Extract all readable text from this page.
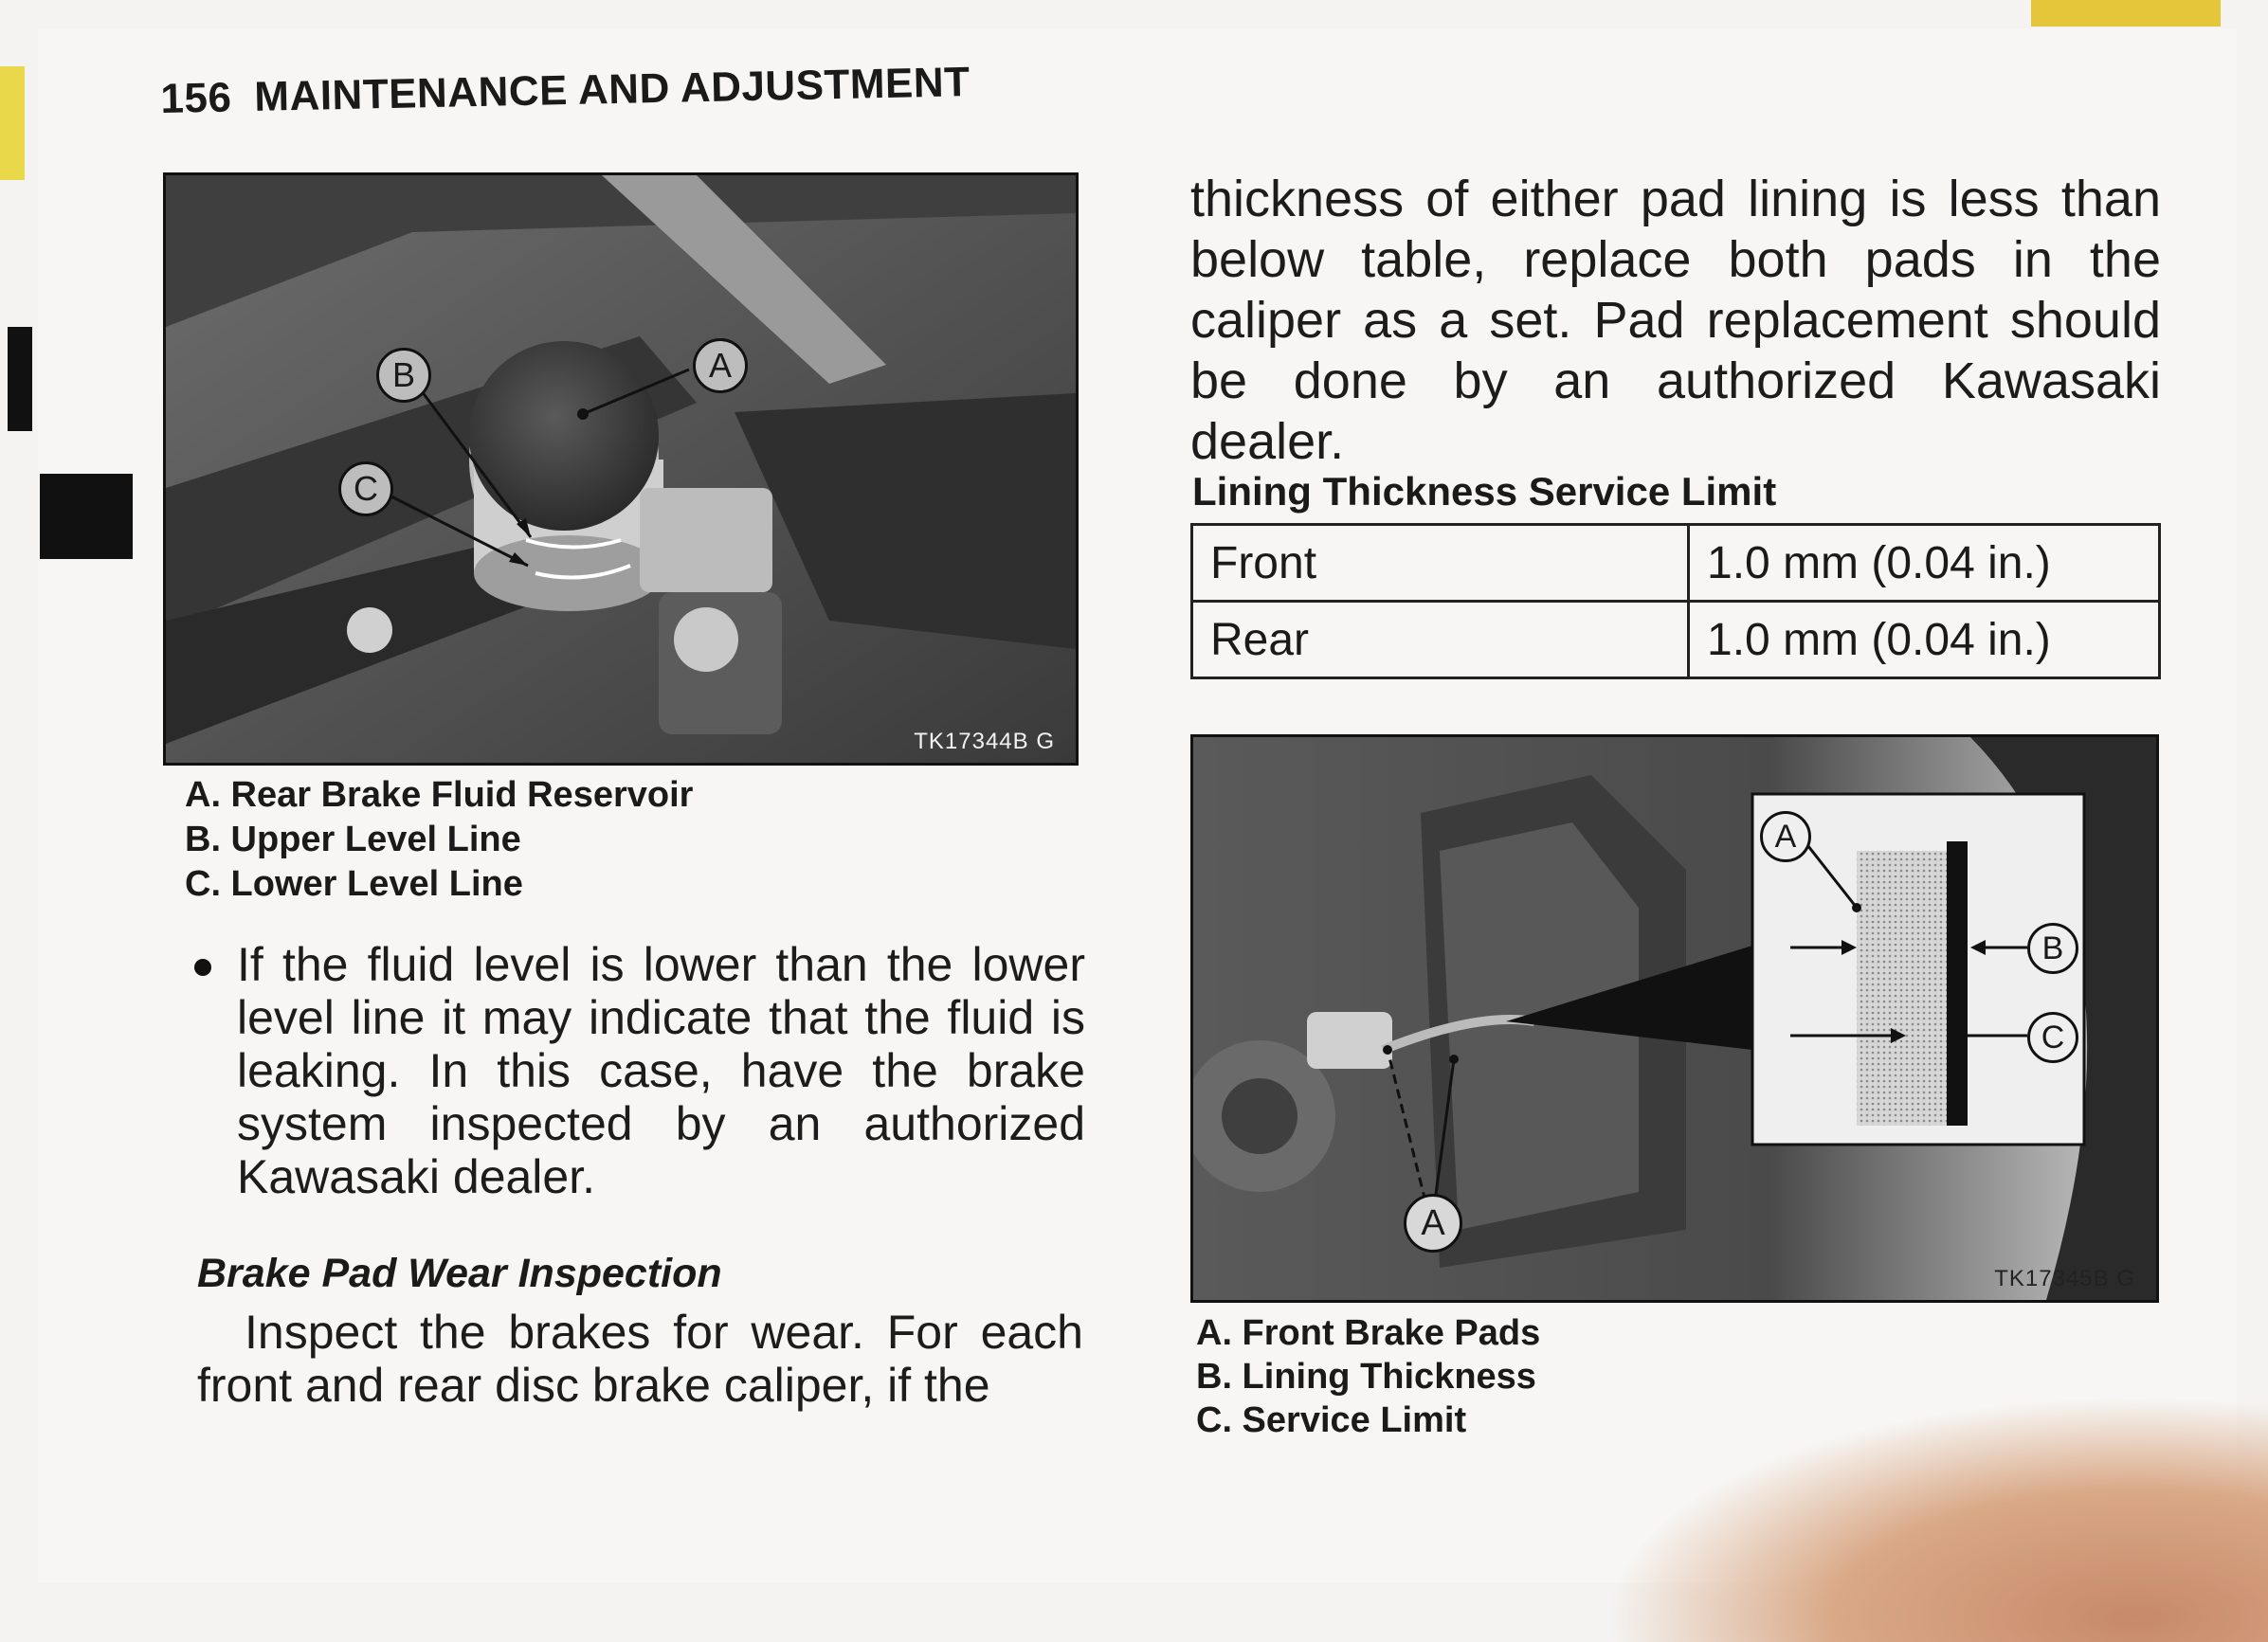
156 MAINTENANCE AND ADJUSTMENT
B	A
C
TK17344B G
A. Rear Brake Fluid Reservoir
B. Upper Level Line
C. Lower Level Line
If the fluid level is lower than the lower level line it may indicate that the fluid is leaking. In this case, have the brake system inspected by an authorized Kawasaki dealer.
Brake Pad Wear Inspection
Inspect the brakes for wear. For each front and rear disc brake caliper, if the
thickness of either pad lining is less than below table, replace both pads in the caliper as a set. Pad replacement should be done by an authorized Kawasaki dealer.
Lining Thickness Service Limit
Front	1.0 mm (0.04 in.)
Rear	1.0 mm (0.04 in.)
A
B
C
A
TK17345B G
A. Front Brake Pads
B. Lining Thickness
C. Service Limit
